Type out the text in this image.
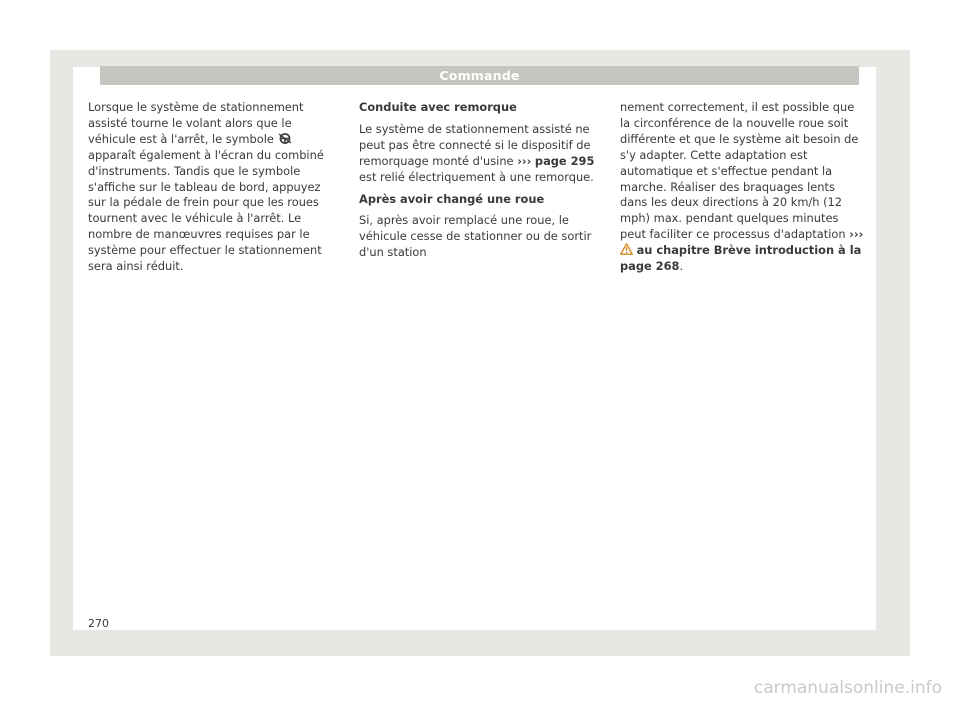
Commande

Lorsque le système de stationnement assisté tourne le volant alors que le véhicule est à l'arrêt, le symbole  apparaît également à l'écran du combiné d'instruments. Tandis que le symbole s'affiche sur le tableau de bord, appuyez sur la pédale de frein pour que les roues tournent avec le véhicule à l'arrêt. Le nombre de manœuvres requises par le système pour effectuer le stationnement sera ainsi réduit.

Conduite avec remorque

Le système de stationnement assisté ne peut pas être connecté si le dispositif de remorquage monté d'usine ››› page 295 est relié électriquement à une remorque.

Après avoir changé une roue

Si, après avoir remplacé une roue, le véhicule cesse de stationner ou de sortir d'un station

nement correctement, il est possible que la circonférence de la nouvelle roue soit différente et que le système ait besoin de s'y adapter. Cette adaptation est automatique et s'effectue pendant la marche. Réaliser des braquages lents dans les deux directions à 20 km/h (12 mph) max. pendant quelques minutes peut faciliter ce processus d'adaptation ›››  au chapitre Brève introduction à la page 268.

270
carmanualsonline.info
